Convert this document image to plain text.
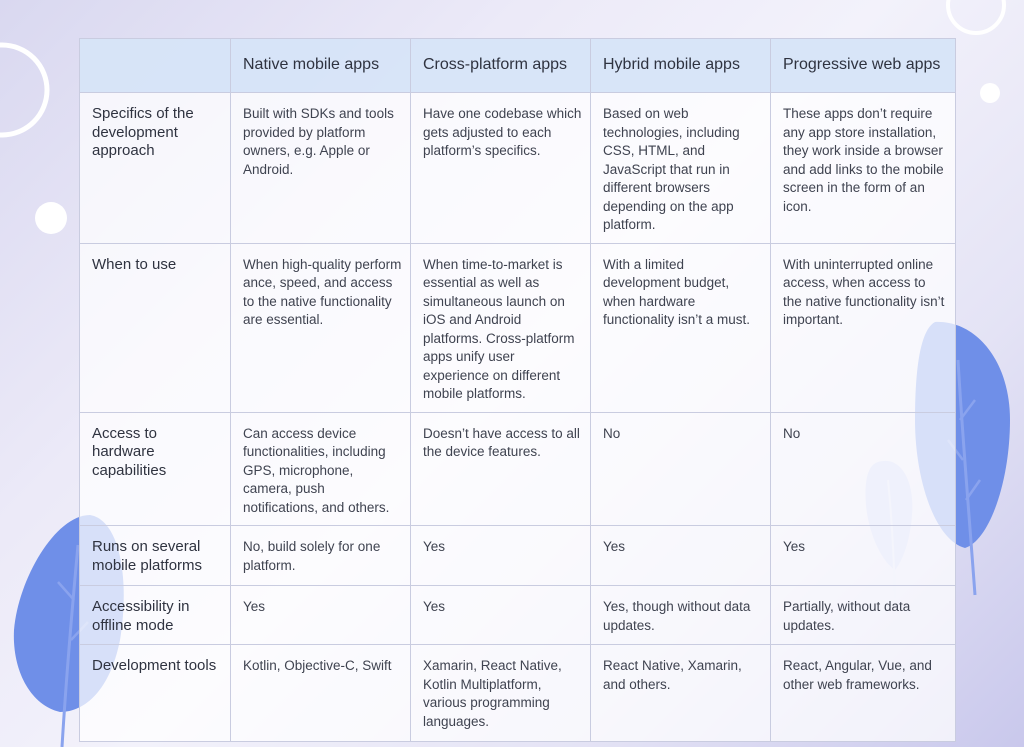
	Native mobile apps	Cross-platform apps	Hybrid mobile apps	Progressive web apps
Specifics of the development approach	Built with SDKs and tools provided by platform owners, e.g. Apple or Android.	Have one codebase which gets adjusted to each platform’s specifics.	Based on web technologies, including CSS, HTML, and JavaScript that run in different browsers depending on the app platform.	These apps don’t require any app store installation, they work inside a browser and add links to the mobile screen in the form of an icon.
When to use	When high-quality perform ance, speed, and access to the native functionality are essential.	When time-to-market is essential as well as simultaneous launch on iOS and Android platforms. Cross-platform apps unify user experience on different mobile platforms.	With a limited development budget, when hardware functionality isn’t a must.	With uninterrupted online access, when access to the native functionality isn’t important.
Access to hardware capabilities	Can access device functionalities, including GPS, microphone, camera, push notifications, and others.	Doesn’t have access to all the device features.	No	No
Runs on several mobile platforms	No, build solely for one platform.	Yes	Yes	Yes
Accessibility in offline mode	Yes	Yes	Yes, though without data updates.	Partially, without data updates.
Development tools	Kotlin, Objective-C, Swift	Xamarin, React Native, Kotlin Multiplatform, various programming languages.	React Native, Xamarin, and others.	React, Angular, Vue, and other web frameworks.
